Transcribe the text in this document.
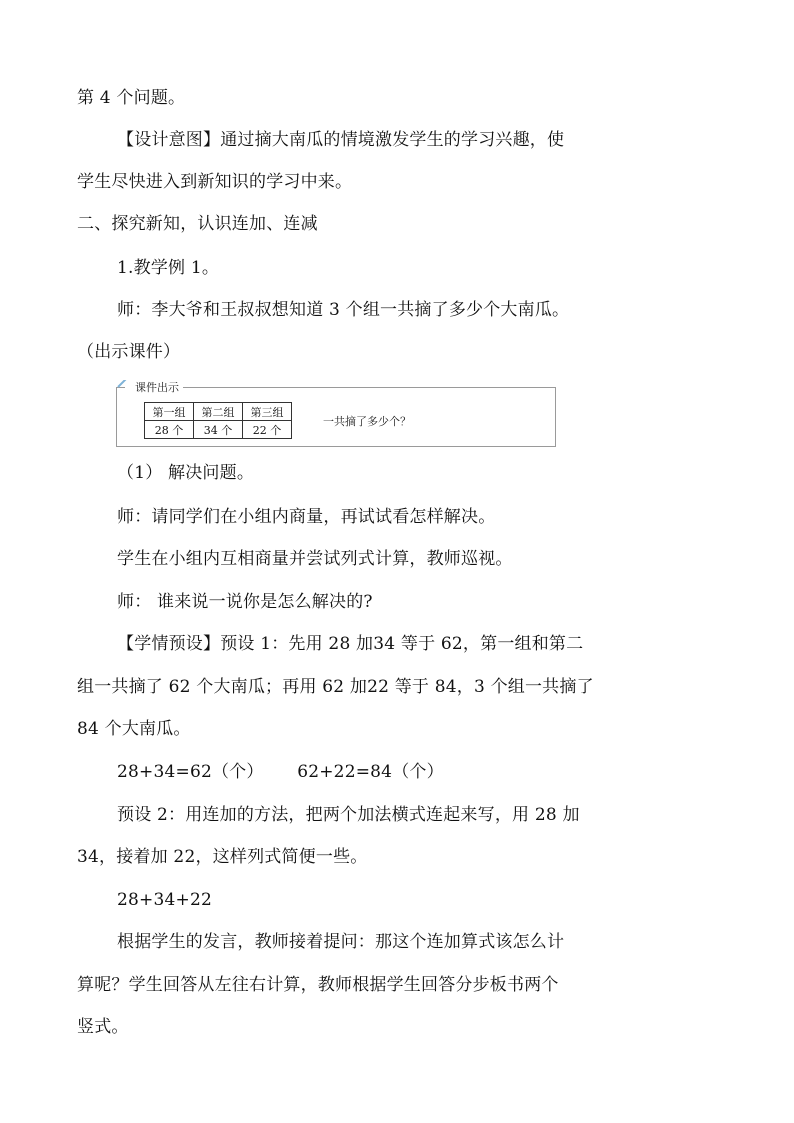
第 4 个问题。
【设计意图】通过摘大南瓜的情境激发学生的学习兴趣，使
学生尽快进入到新知识的学习中来。
二、探究新知，认识连加、连减
1.教学例 1。
师：李大爷和王叔叔想知道 3 个组一共摘了多少个大南瓜。
（出示课件）
课件出示
第一组	第二组	第三组
28 个	34 个	22 个
一共摘了多少个？
（1） 解决问题。
师：请同学们在小组内商量，再试试看怎样解决。
学生在小组内互相商量并尝试列式计算，教师巡视。
师： 谁来说一说你是怎么解决的?
【学情预设】预设 1：先用 28 加34 等于 62，第一组和第二
组一共摘了 62 个大南瓜；再用 62 加22 等于 84，3 个组一共摘了
84 个大南瓜。
28+34=62（个）      62+22=84（个）
预设 2：用连加的方法，把两个加法横式连起来写，用 28 加
34，接着加 22，这样列式简便一些。
28+34+22
根据学生的发言，教师接着提问：那这个连加算式该怎么计
算呢？学生回答从左往右计算，教师根据学生回答分步板书两个
竖式。
